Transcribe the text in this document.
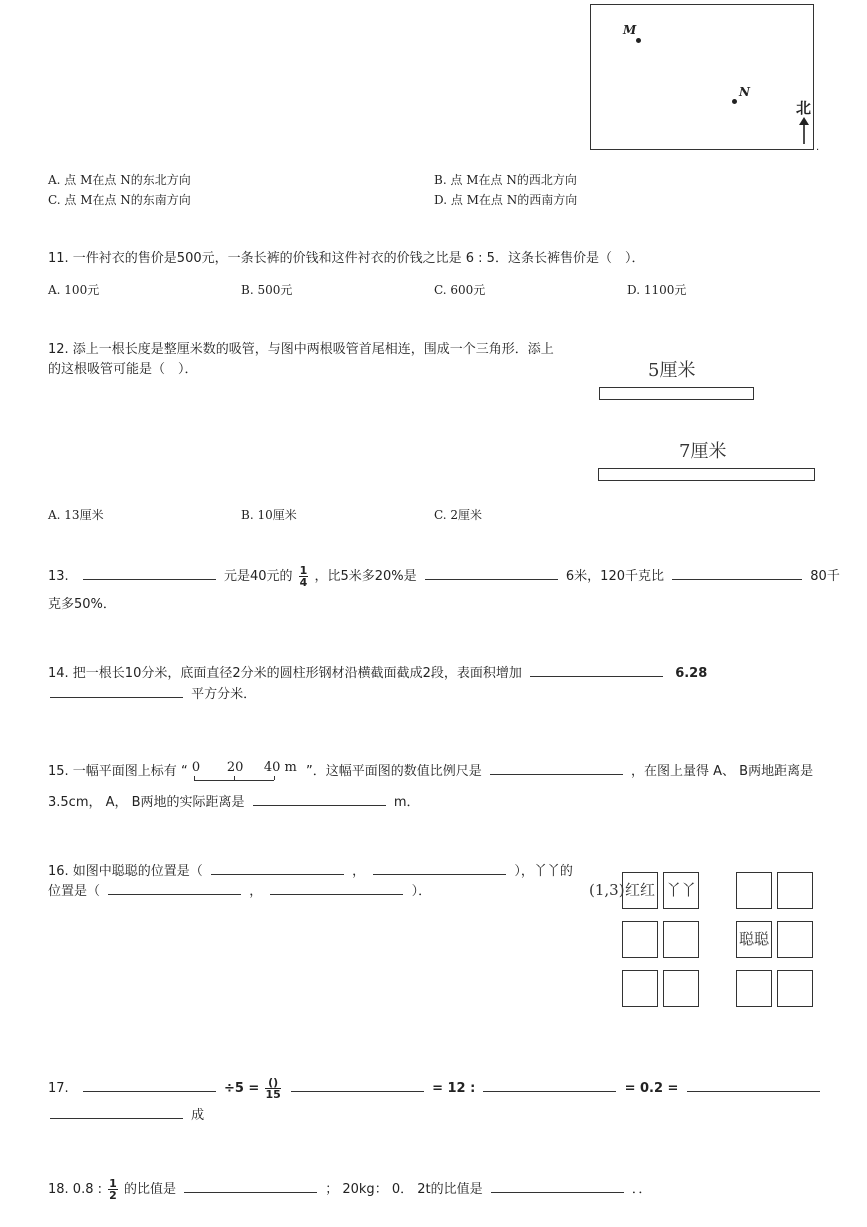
M
N
北
.
A. 点 M在点 N的东北方向	B. 点 M在点 N的西北方向
C. 点 M在点 N的东南方向	D. 点 M在点 N的西南方向
11. 一件衬衣的售价是500元，一条长裤的价钱和这件衬衣的价钱之比是 6 : 5．这条长裤售价是（　）．
A. 100元	B. 500元	C. 600元	D. 1100元
12. 添上一根长度是整厘米数的吸管，与图中两根吸管首尾相连，围成一个三角形．添上
的这根吸管可能是（　）．	5厘米
7厘米
A. 13厘米	B. 10厘米	C. 2厘米
13.	元是40元的 $\frac{1}{4}$ ，比5米多20%是	6米，120千克比	80千
克多50%．
14. 把一根长10分米，底面直径2分米的圆柱形钢材沿横截面截成2段，表面积增加	6.28
平方分米．
15. 一幅平面图上标有 “ 0 20 40 m ”．这幅平面图的数值比例尺是	，在图上量得 A、 B两地距离是
3.5cm， A， B两地的实际距离是	m．
16. 如图中聪聪的位置是（	，	），丫丫的
位置是（	，	）．	(1,3) 红红 丫丫
聪聪
17.	$\div 5 = \frac{()}{15}$	= 12 :	= 0.2 =
成
18. 0.8 : $\frac{1}{2}$ 的比值是	； 20kg： 0． 2t的比值是	．．
